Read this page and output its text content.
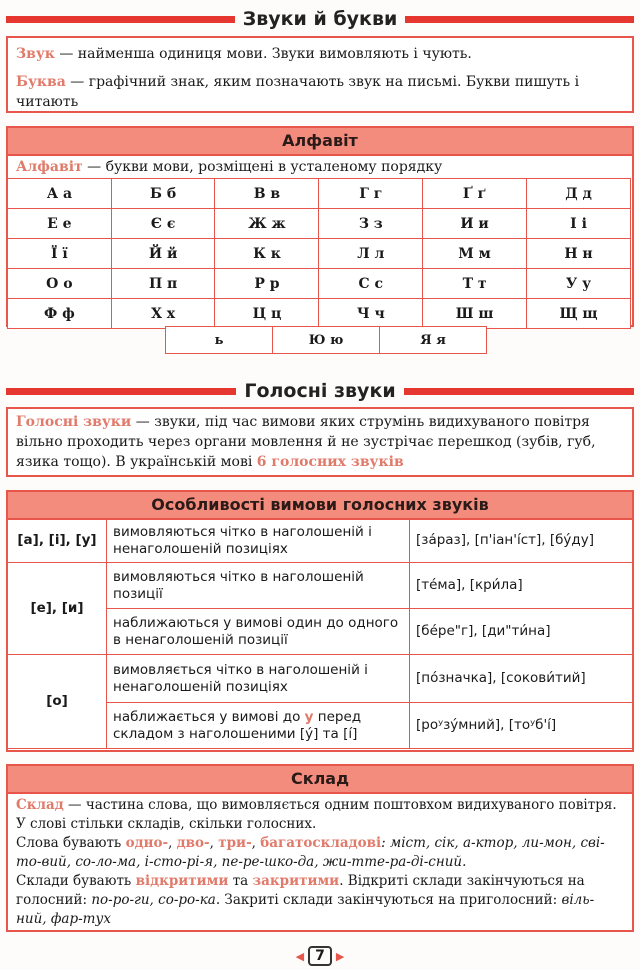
Звуки й букви

Звук — найменша одиниця мови. Звуки вимовляють і чують.

Буква — графічний знак, яким позначають звук на письмі. Букви пишуть і читають

Алфавіт
Алфавіт — букви мови, розміщені в усталеному порядку
А а	Б б	В в	Г г	Ґ ґ	Д д
Е е	Є є	Ж ж	З з	И и	І і
Ї ї	Й й	К к	Л л	М м	Н н
О о	П п	Р р	С с	Т т	У у
Ф ф	Х х	Ц ц	Ч ч	Ш ш	Щ щ
ь	Ю ю	Я я
Голосні звуки

Голосні звуки — звуки, під час вимови яких струмінь видихуваного повітря вільно проходить через органи мовлення й не зустрічає перешкод (зубів, губ, язика тощо). В українській мові 6 голосних звуків

Особливості вимови голосних звуків
[а], [і], [у]	вимовляються чітко в наголошеній і ненаголошеній позиціях	[за́раз], [п'іан'і́ст], [бу́ду]
[е], [и]	вимовляються чітко в наголошеній позиції	[те́ма], [кри́ла]
	наближаються у вимові один до одного в ненаголошеній позиції	[бе́ре"г], [ди"ти́на]
[о]	вимовляється чітко в наголошеній і ненаголошеній позиціях	[по́значка], [сокови́тий]
	наближається у вимові до у перед складом з наголошеними [у́] та [і́]	[роʸзу́мний], [тоʸб'і́]
Склад
Склад — частина слова, що вимовляється одним поштовхом видихуваного повітря. У слові стільки складів, скільки голосних.
Слова бувають одно-, дво-, три-, багатоскладові: міст, сік, а-ктор, ли-мон, сві-то-вий, со-ло-ма, і-сто-рі-я, пе-ре-шко-да, жи-тте-ра-ді-сний.
Склади бувають відкритими та закритими. Відкриті склади закінчуються на голосний: по-ро-ги, со-ро-ка. Закриті склади закінчуються на приголосний: віль-ний, фар-тух
◀ 7 ▶
